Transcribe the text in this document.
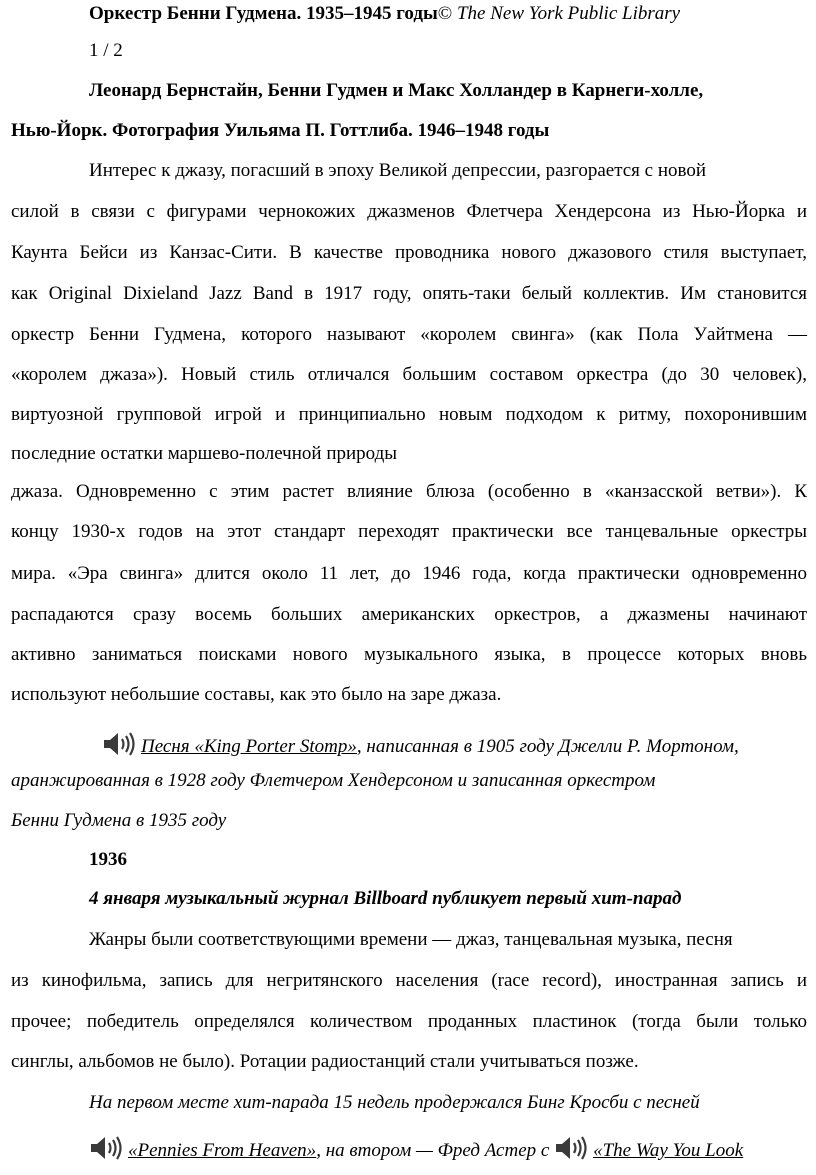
Оркестр Бенни Гудмена. 1935–1945 годы© The New York Public Library
1 / 2
Леонард Бернстайн, Бенни Гудмен и Макс Холландер в Карнеги-холле,
Нью-Йорк. Фотография Уильяма П. Готтлиба. 1946–1948 годы
Интерес к джазу, погасший в эпоху Великой депрессии, разгорается с новой
силой в связи с фигурами чернокожих джазменов Флетчера Хендерсона из Нью-Йорка и
Каунта Бейси из Канзас-Сити. В качестве проводника нового джазового стиля выступает,
как Original Dixieland Jazz Band в 1917 году, опять-таки белый коллектив. Им становится
оркестр Бенни Гудмена, которого называют «королем свинга» (как Пола Уайтмена —
«королем джаза»). Новый стиль отличался большим составом оркестра (до 30 человек),
виртуозной групповой игрой и принципиально новым подходом к ритму, похоронившим
последние остатки маршево-полечной природы
джаза. Одновременно с этим растет влияние блюза (особенно в «канзасской ветви»). К
концу 1930-х годов на этот стандарт переходят практически все танцевальные оркестры
мира. «Эра свинга» длится около 11 лет, до 1946 года, когда практически одновременно
распадаются сразу восемь больших американских оркестров, а джазмены начинают
активно заниматься поисками нового музыкального языка, в процессе которых вновь
используют небольшие составы, как это было на заре джаза.
Песня «King Porter Stomp», написанная в 1905 году Джелли Р. Мортоном,
аранжированная в 1928 году Флетчером Хендерсоном и записанная оркестром
Бенни Гудмена в 1935 году
1936
4 января музыкальный журнал Billboard публикует первый хит-парад
Жанры были соответствующими времени — джаз, танцевальная музыка, песня
из кинофильма, запись для негритянского населения (race record), иностранная запись и
прочее; победитель определялся количеством проданных пластинок (тогда были только
синглы, альбомов не было). Ротации радиостанций стали учитываться позже.
На первом месте хит-парада 15 недель продержался Бинг Кросби с песней
«Pennies From Heaven», на втором — Фред Астер с «The Way You Look
